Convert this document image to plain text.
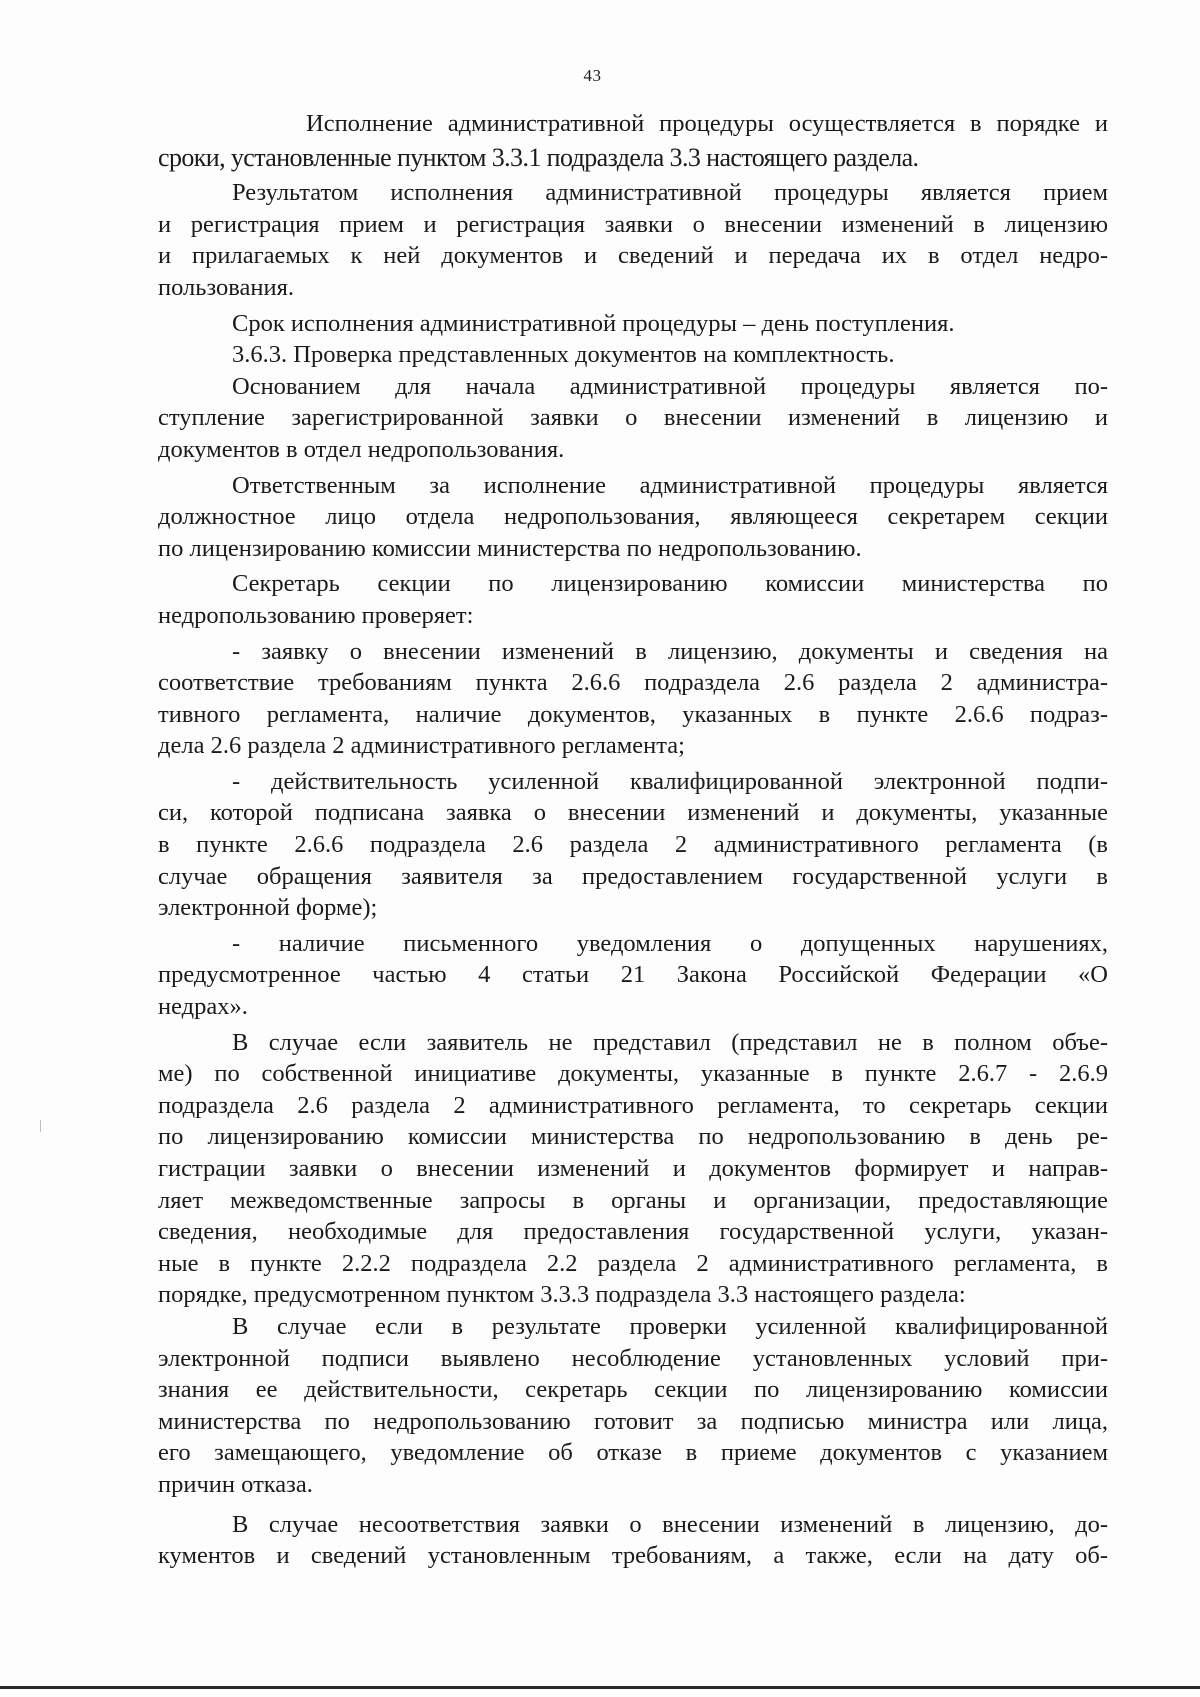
43
Исполнение административной процедуры осуществляется в порядке и
сроки, установленные пунктом 3.3.1 подраздела 3.3 настоящего раздела.
Результатом исполнения административной процедуры является прием
и регистрация прием и регистрация заявки о внесении изменений в лицензию
и прилагаемых к ней документов и сведений и передача их в отдел недро-
пользования.
Срок исполнения административной процедуры – день поступления.
3.6.3. Проверка представленных документов на комплектность.
Основанием для начала административной процедуры является по-
ступление зарегистрированной заявки о внесении изменений в лицензию и
документов в отдел недропользования.
Ответственным за исполнение административной процедуры является
должностное лицо отдела недропользования, являющееся секретарем секции
по лицензированию комиссии министерства по недропользованию.
Секретарь секции по лицензированию комиссии министерства по
недропользованию проверяет:
- заявку о внесении изменений в лицензию, документы и сведения на
соответствие требованиям пункта 2.6.6 подраздела 2.6 раздела 2 администра-
тивного регламента, наличие документов, указанных в пункте 2.6.6 подраз-
дела 2.6 раздела 2 административного регламента;
- действительность усиленной квалифицированной электронной подпи-
си, которой подписана заявка о внесении изменений и документы, указанные
в пункте 2.6.6 подраздела 2.6 раздела 2 административного регламента (в
случае обращения заявителя за предоставлением государственной услуги в
электронной форме);
- наличие письменного уведомления о допущенных нарушениях,
предусмотренное частью 4 статьи 21 Закона Российской Федерации «О
недрах».
В случае если заявитель не представил (представил не в полном объе-
ме) по собственной инициативе документы, указанные в пункте 2.6.7 - 2.6.9
подраздела 2.6 раздела 2 административного регламента, то секретарь секции
по лицензированию комиссии министерства по недропользованию в день ре-
гистрации заявки о внесении изменений и документов формирует и направ-
ляет межведомственные запросы в органы и организации, предоставляющие
сведения, необходимые для предоставления государственной услуги, указан-
ные в пункте 2.2.2 подраздела 2.2 раздела 2 административного регламента, в
порядке, предусмотренном пунктом 3.3.3 подраздела 3.3 настоящего раздела:
В случае если в результате проверки усиленной квалифицированной
электронной подписи выявлено несоблюдение установленных условий при-
знания ее действительности, секретарь секции по лицензированию комиссии
министерства по недропользованию готовит за подписью министра или лица,
его замещающего, уведомление об отказе в приеме документов с указанием
причин отказа.
В случае несоответствия заявки о внесении изменений в лицензию, до-
кументов и сведений установленным требованиям, а также, если на дату об-
